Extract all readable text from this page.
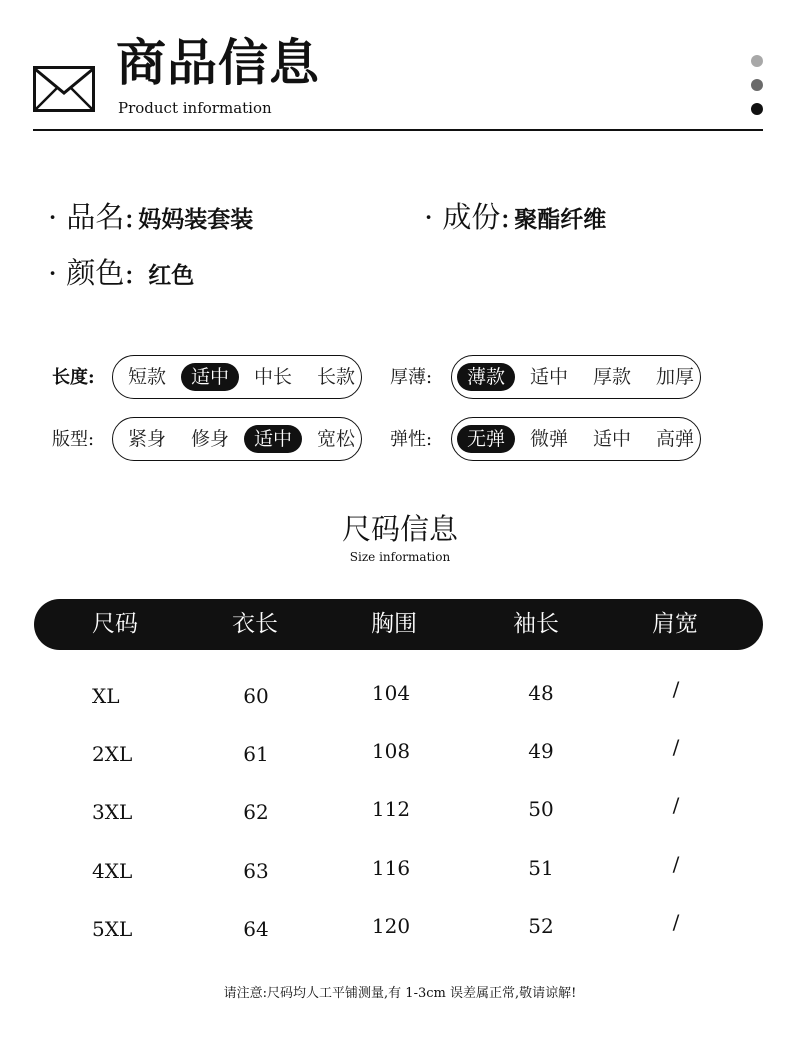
商品信息
Product information
· 品名: 妈妈装套装	· 成份: 聚酯纤维
· 颜色: 红色
长度:	短款	适中	中长	长款	厚薄:	薄款	适中	厚款	加厚
版型:	紧身	修身	适中	宽松	弹性:	无弹	微弹	适中	高弹
尺码信息
Size information
尺码	衣长	胸围	袖长	肩宽
XL	60	104	48	/
2XL	61	108	49	/
3XL	62	112	50	/
4XL	63	116	51	/
5XL	64	120	52	/
请注意:尺码均人工平铺测量,有 1-3cm 误差属正常,敬请谅解!
